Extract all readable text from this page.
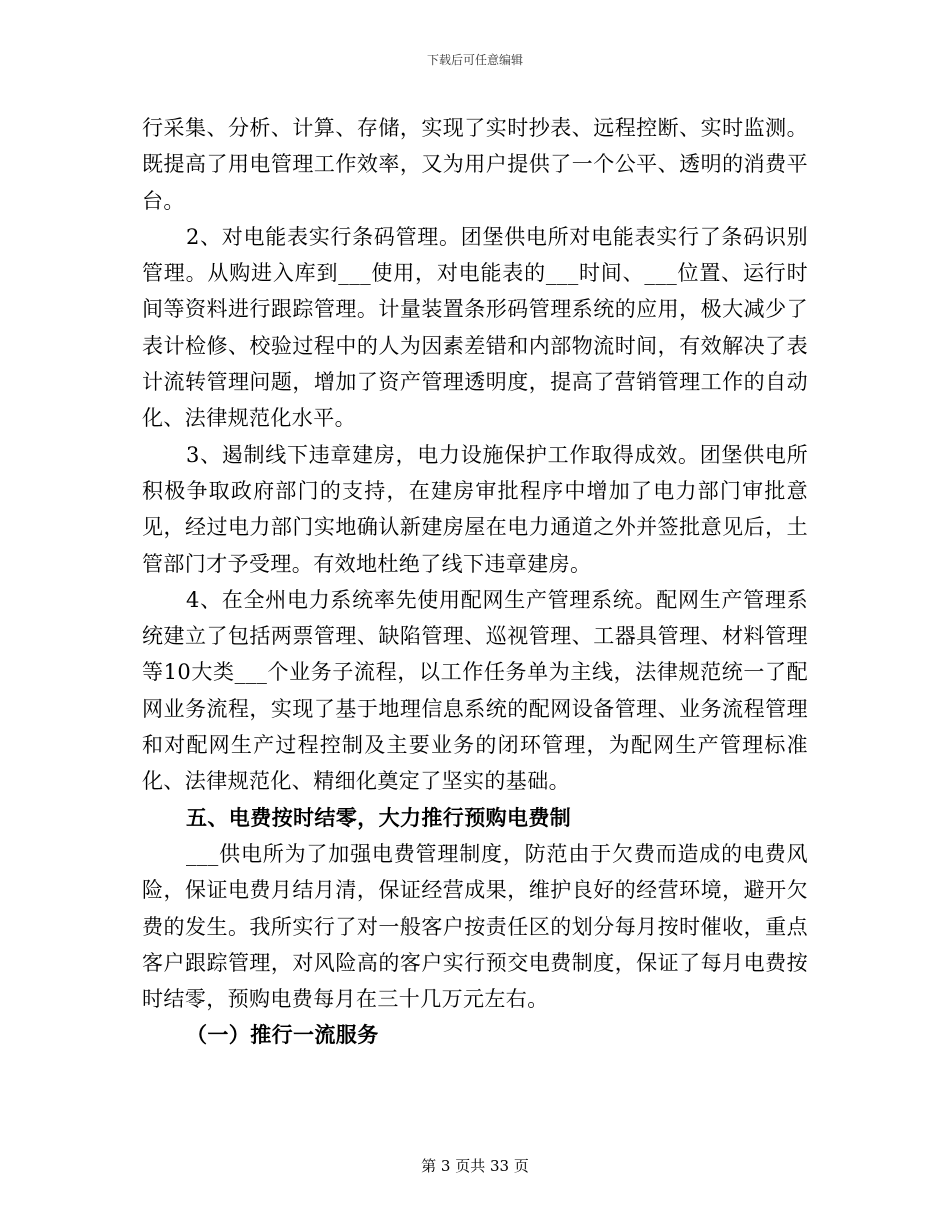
下载后可任意编辑

行采集、分析、计算、存储，实现了实时抄表、远程控断、实时监测。既提高了用电管理工作效率，又为用户提供了一个公平、透明的消费平台。

2、对电能表实行条码管理。团堡供电所对电能表实行了条码识别管理。从购进入库到___使用，对电能表的___时间、___位置、运行时间等资料进行跟踪管理。计量装置条形码管理系统的应用，极大减少了表计检修、校验过程中的人为因素差错和内部物流时间，有效解决了表计流转管理问题，增加了资产管理透明度，提高了营销管理工作的自动化、法律规范化水平。

3、遏制线下违章建房，电力设施保护工作取得成效。团堡供电所积极争取政府部门的支持，在建房审批程序中增加了电力部门审批意见，经过电力部门实地确认新建房屋在电力通道之外并签批意见后，土管部门才予受理。有效地杜绝了线下违章建房。

4、在全州电力系统率先使用配网生产管理系统。配网生产管理系统建立了包括两票管理、缺陷管理、巡视管理、工器具管理、材料管理等10大类___个业务子流程，以工作任务单为主线，法律规范统一了配网业务流程，实现了基于地理信息系统的配网设备管理、业务流程管理和对配网生产过程控制及主要业务的闭环管理，为配网生产管理标准化、法律规范化、精细化奠定了坚实的基础。

五、电费按时结零，大力推行预购电费制

___供电所为了加强电费管理制度，防范由于欠费而造成的电费风险，保证电费月结月清，保证经营成果，维护良好的经营环境，避开欠费的发生。我所实行了对一般客户按责任区的划分每月按时催收，重点客户跟踪管理，对风险高的客户实行预交电费制度，保证了每月电费按时结零，预购电费每月在三十几万元左右。

（一）推行一流服务

第 3 页共 33 页
